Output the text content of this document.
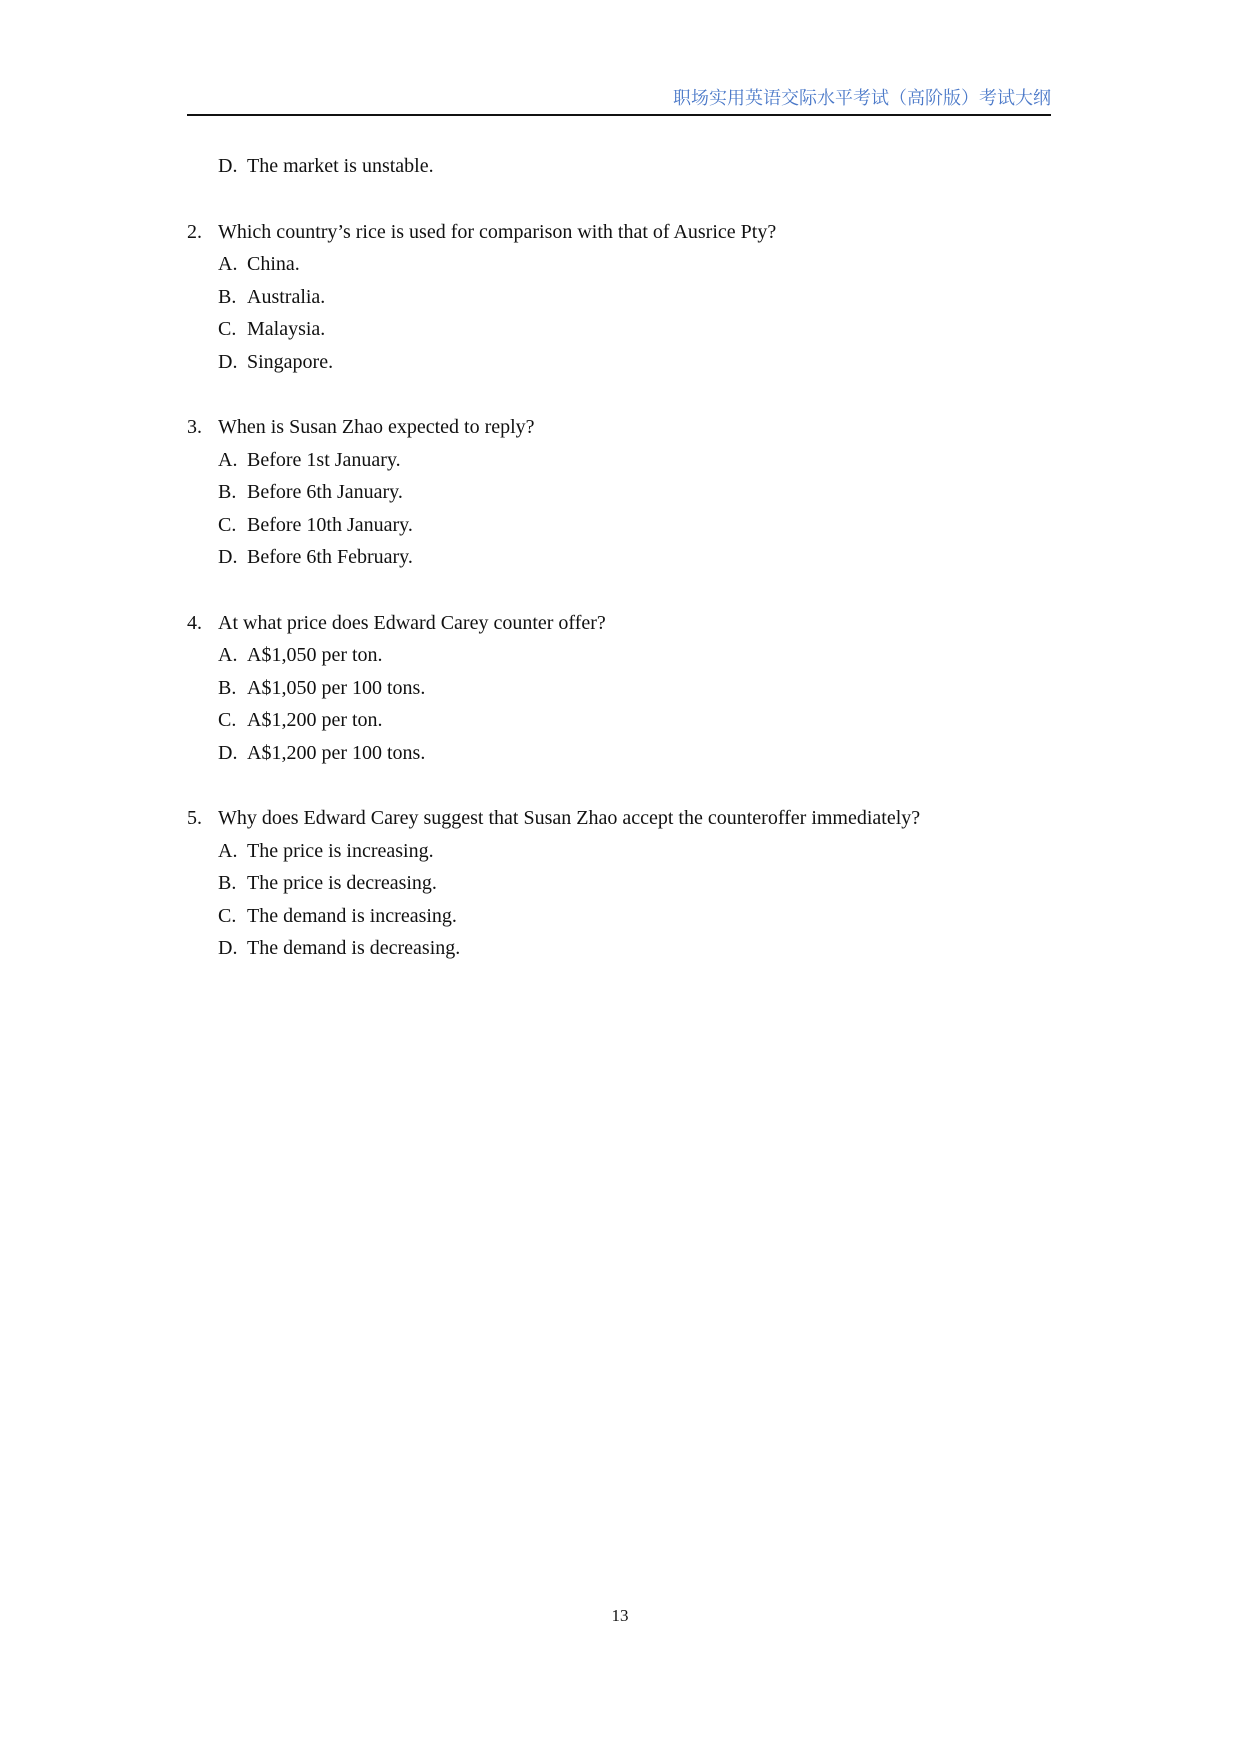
职场实用英语交际水平考试（高阶版）考试大纲
D. The market is unstable.
2. Which country’s rice is used for comparison with that of Ausrice Pty?
A. China.
B. Australia.
C. Malaysia.
D. Singapore.
3. When is Susan Zhao expected to reply?
A. Before 1st January.
B. Before 6th January.
C. Before 10th January.
D. Before 6th February.
4. At what price does Edward Carey counter offer?
A. A$1,050 per ton.
B. A$1,050 per 100 tons.
C. A$1,200 per ton.
D. A$1,200 per 100 tons.
5. Why does Edward Carey suggest that Susan Zhao accept the counteroffer immediately?
A. The price is increasing.
B. The price is decreasing.
C. The demand is increasing.
D. The demand is decreasing.
13
